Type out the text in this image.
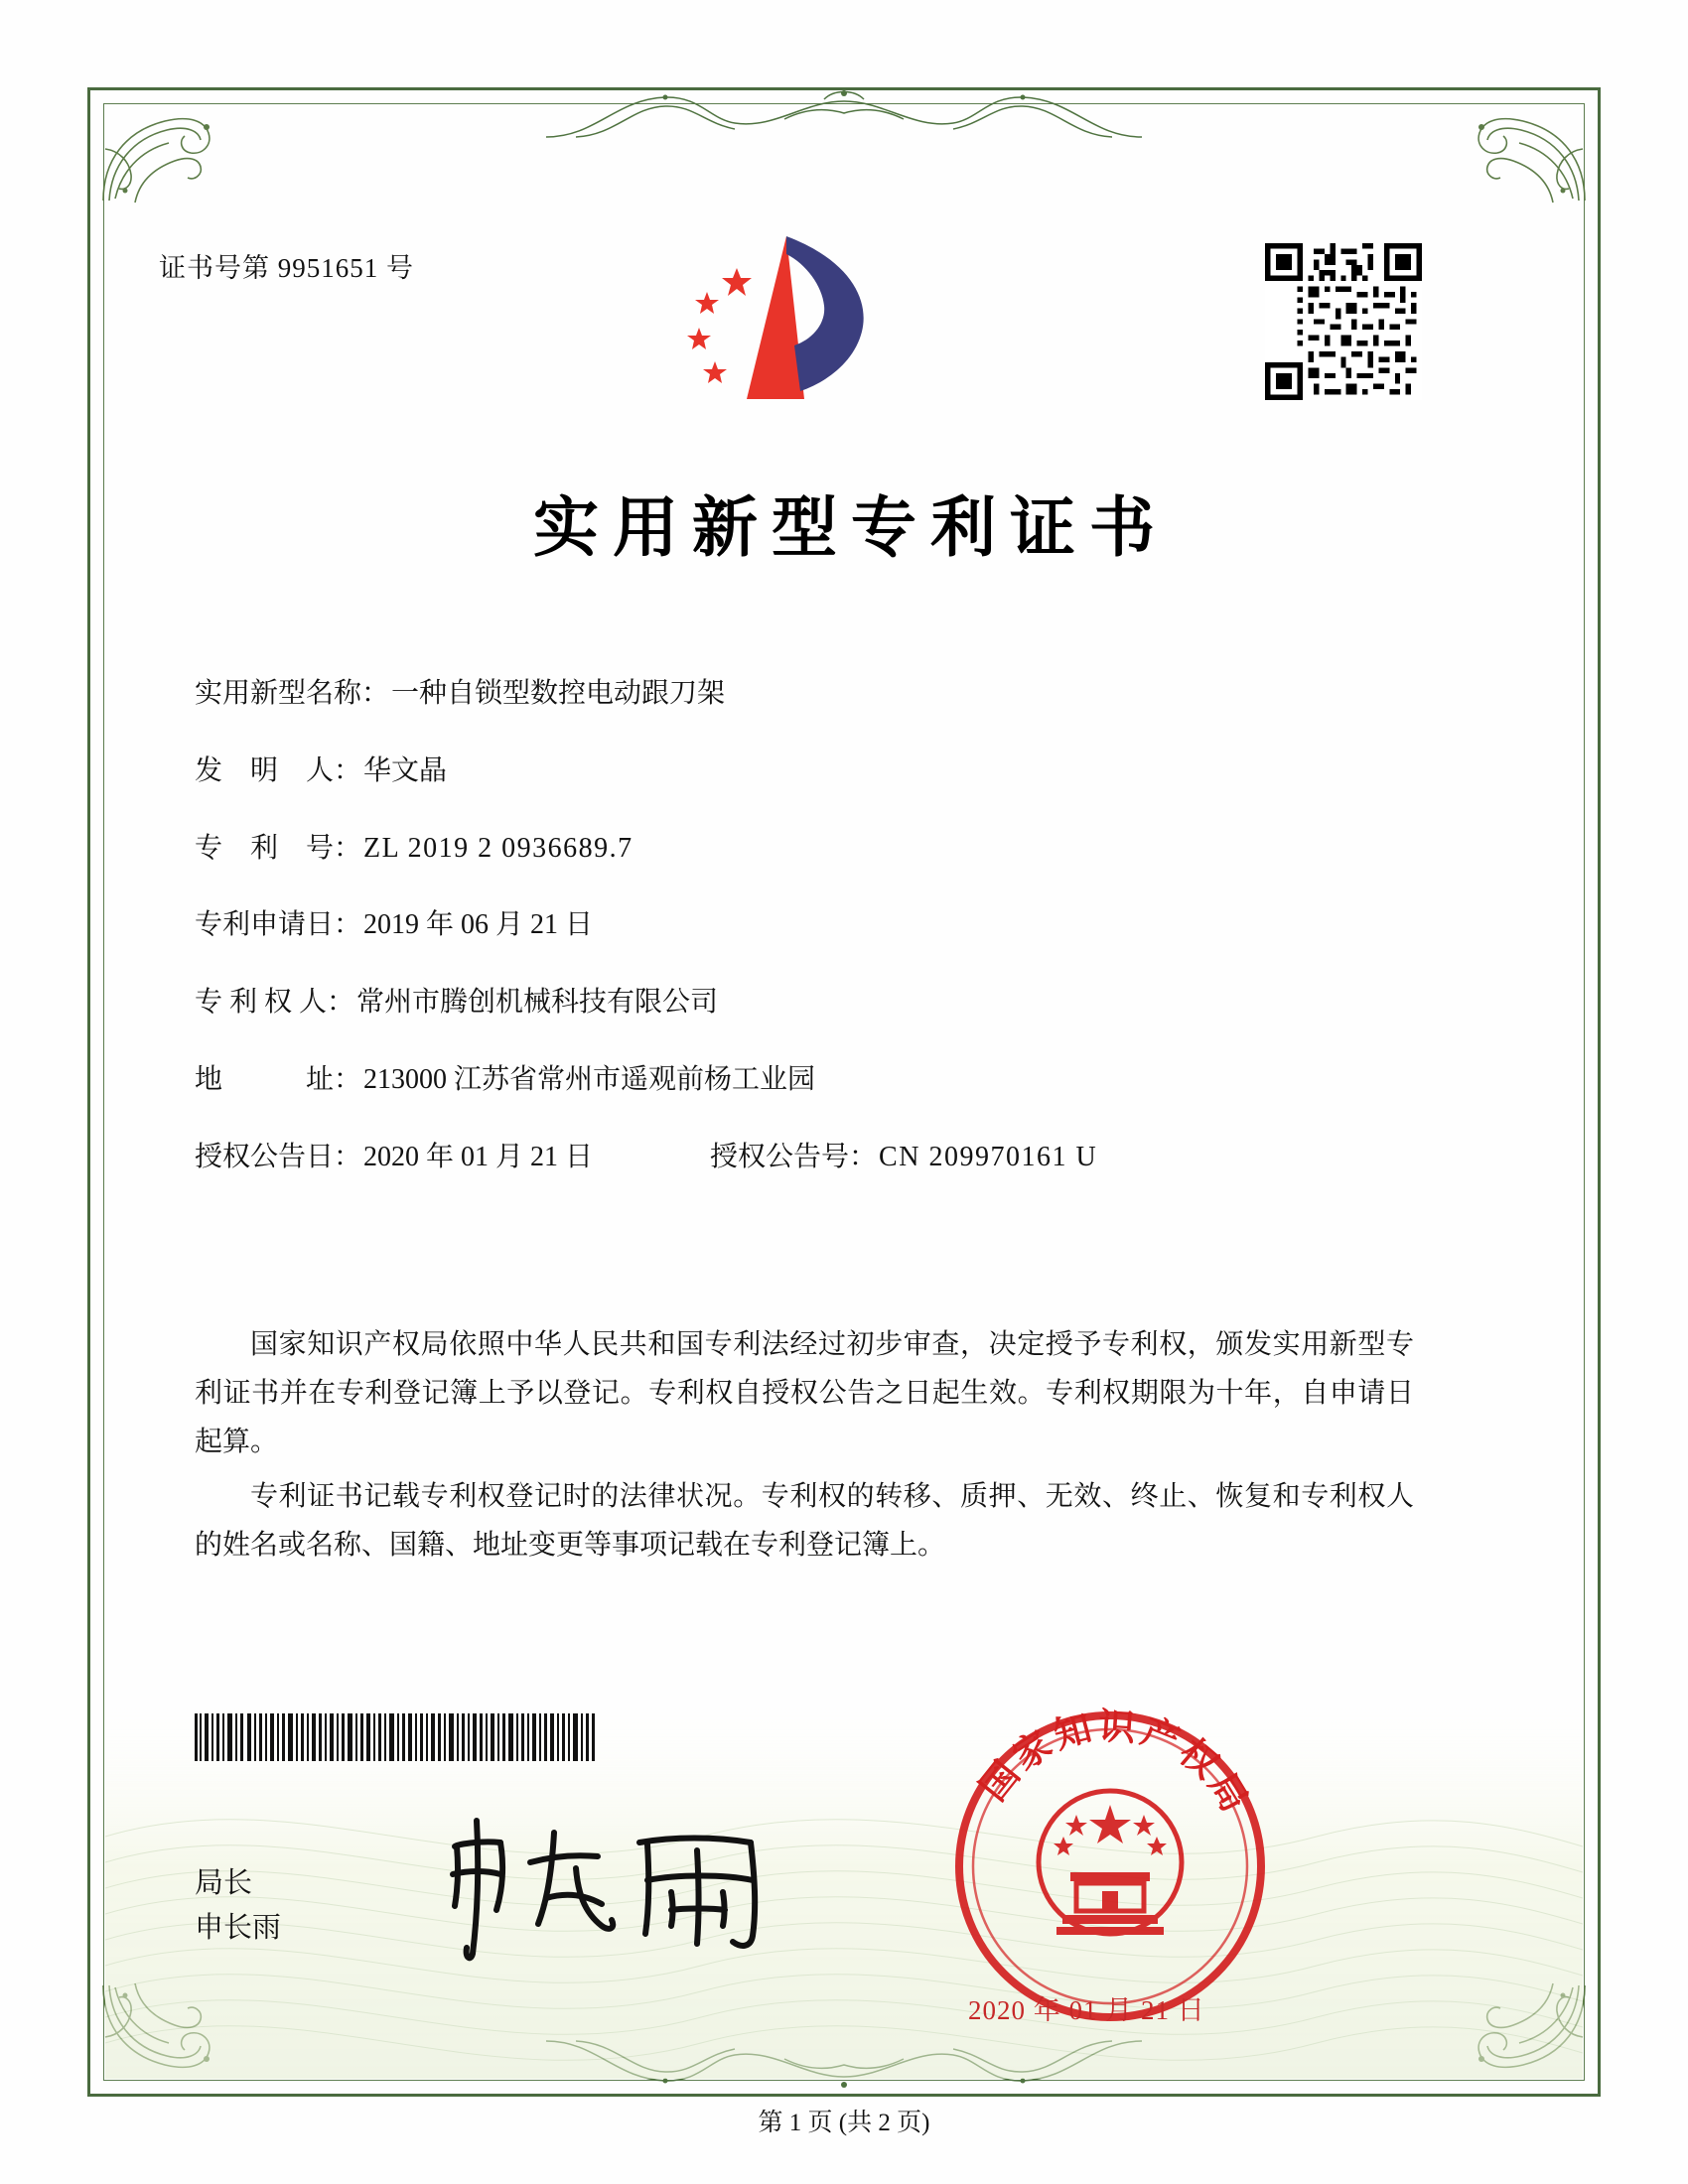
证书号第 9951651 号
实用新型专利证书
实用新型名称： 一种自锁型数控电动跟刀架
发　明　人： 华文晶
专　利　号： ZL 2019 2 0936689.7
专利申请日： 2019 年 06 月 21 日
专 利 权 人： 常州市腾创机械科技有限公司
地　　　址： 213000 江苏省常州市遥观前杨工业园
授权公告日： 2020 年 01 月 21 日	授权公告号： CN 209970161 U

国家知识产权局依照中华人民共和国专利法经过初步审查，决定授予专利权，颁发实用新型专利证书并在专利登记簿上予以登记。专利权自授权公告之日起生效。专利权期限为十年，自申请日起算。

专利证书记载专利权登记时的法律状况。专利权的转移、质押、无效、终止、恢复和专利权人的姓名或名称、国籍、地址变更等事项记载在专利登记簿上。

局长
申长雨
国家知识产权局
2020 年 01 月 21 日
第 1 页 (共 2 页)
